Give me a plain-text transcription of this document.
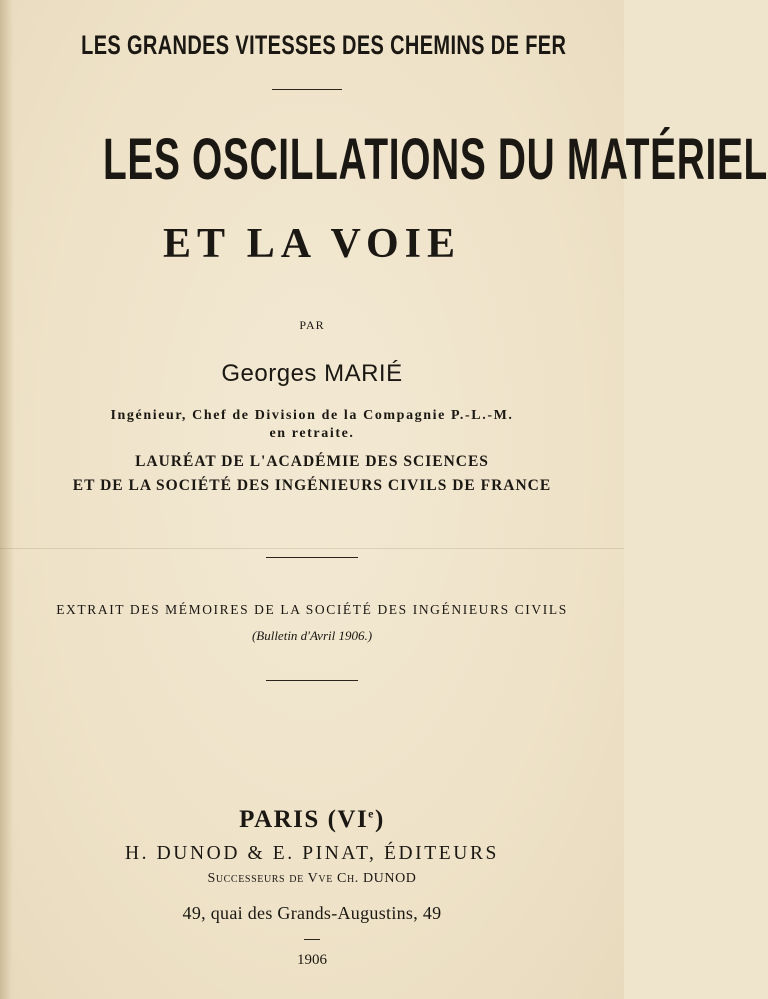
LES GRANDES VITESSES DES CHEMINS DE FER
LES OSCILLATIONS DU MATÉRIEL
ET LA VOIE
PAR
Georges MARIÉ
Ingénieur, Chef de Division de la Compagnie P.-L.-M.
en retraite.
LAURÉAT DE L'ACADÉMIE DES SCIENCES
ET DE LA SOCIÉTÉ DES INGÉNIEURS CIVILS DE FRANCE
EXTRAIT DES MÉMOIRES DE LA SOCIÉTÉ DES INGÉNIEURS CIVILS
(Bulletin d'Avril 1906.)
PARIS (VIe)
H. DUNOD & E. PINAT, ÉDITEURS
Successeurs de Vve Ch. DUNOD
49, quai des Grands-Augustins, 49
1906
